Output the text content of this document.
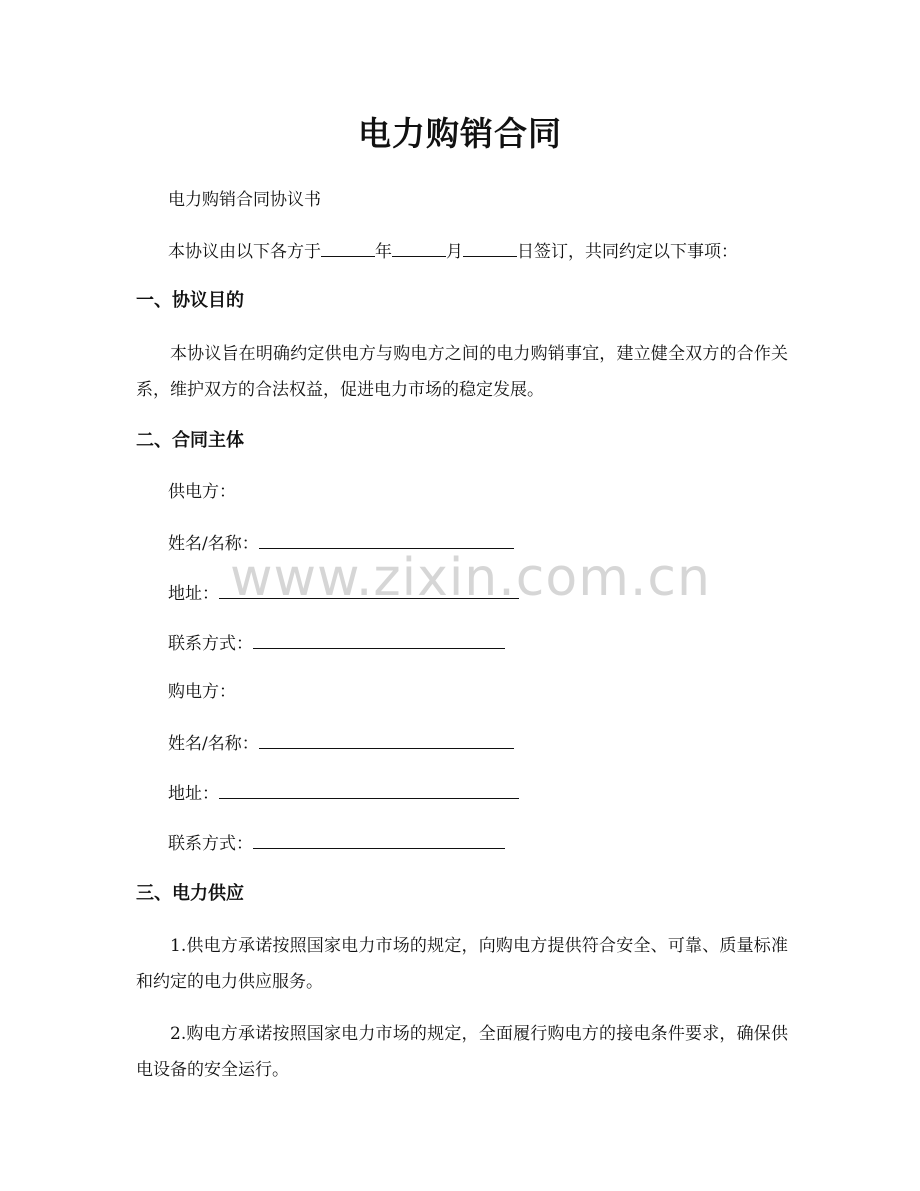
电力购销合同
电力购销合同协议书
本协议由以下各方于	年	月	日签订，共同约定以下事项：
一、协议目的

本协议旨在明确约定供电方与购电方之间的电力购销事宜，建立健全双方的合作关系，维护双方的合法权益，促进电力市场的稳定发展。

二、合同主体
供电方：
姓名/名称：
地址：
联系方式：
购电方：
姓名/名称：
地址：
联系方式：
三、电力供应

1.供电方承诺按照国家电力市场的规定，向购电方提供符合安全、可靠、质量标准和约定的电力供应服务。

2.购电方承诺按照国家电力市场的规定，全面履行购电方的接电条件要求，确保供电设备的安全运行。

www.zixin.com.cn
